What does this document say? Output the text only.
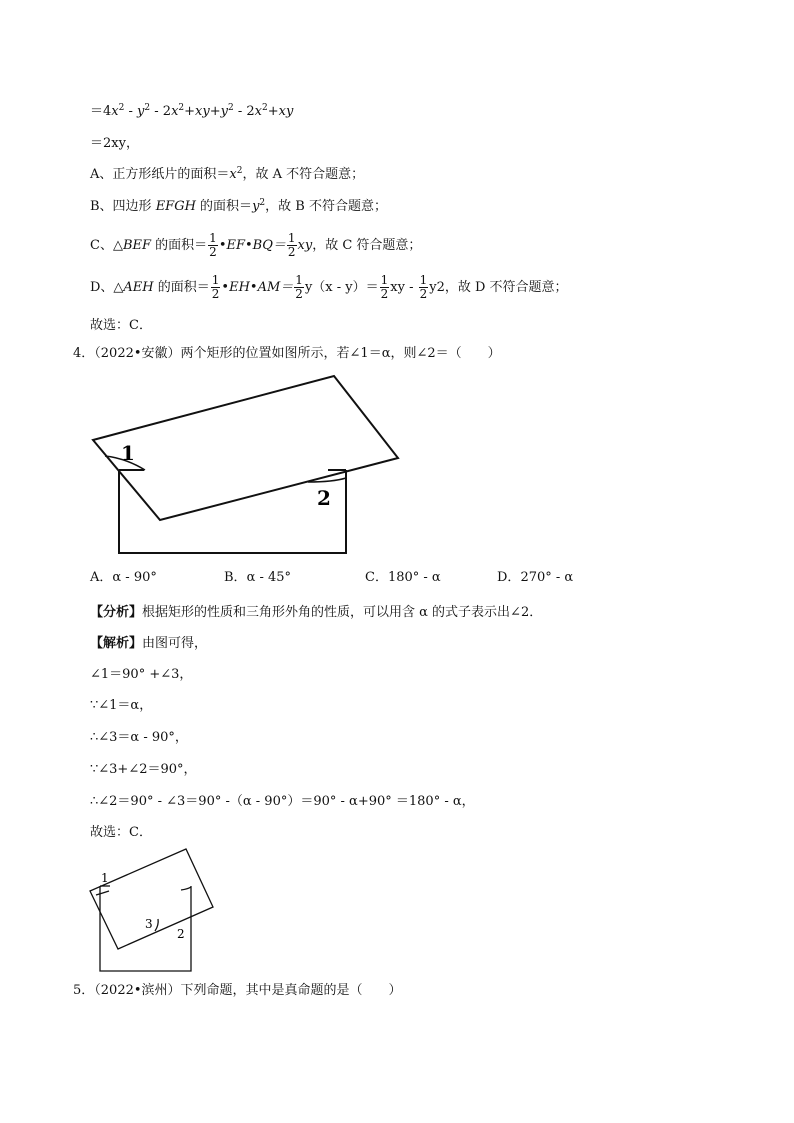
$=4x^2 - y^2 - 2x^2+xy+y^2 - 2x^2+xy$
＝2xy，
A、正方形纸片的面积$=x^2$，故 A 不符合题意；
B、四边形 EFGH 的面积$=y^2$，故 B 不符合题意；
C、△BEF 的面积＝ $\frac{1}{2}$ •EF•BQ＝ $\frac{1}{2}$ xy，故 C 符合题意；
D、△AEH 的面积＝ $\frac{1}{2}$ •EH•AM＝ $\frac{1}{2} y(x - y)= \frac{1}{2}$ xy - $\frac{1}{2} y2$，故 D 不符合题意；
故选：C．
4．（2022•安徽）两个矩形的位置如图所示，若∠1＝α，则∠2＝（　　）
1
2
A．α - 90°	B．α - 45°	C．180° - α	D．270° - α
【分析】根据矩形的性质和三角形外角的性质，可以用含 α 的式子表示出∠2．
【解析】由图可得，
∠1＝90° +∠3，
∵∠1＝α，
∴∠3＝α - 90°，
∵∠3+∠2＝90°，
∴∠2＝90° - ∠3＝90° -（α - 90°）＝90° - α+90° ＝180° - α，
故选：C．
1
3
2
5．（2022•滨州）下列命题，其中是真命题的是（　　）
